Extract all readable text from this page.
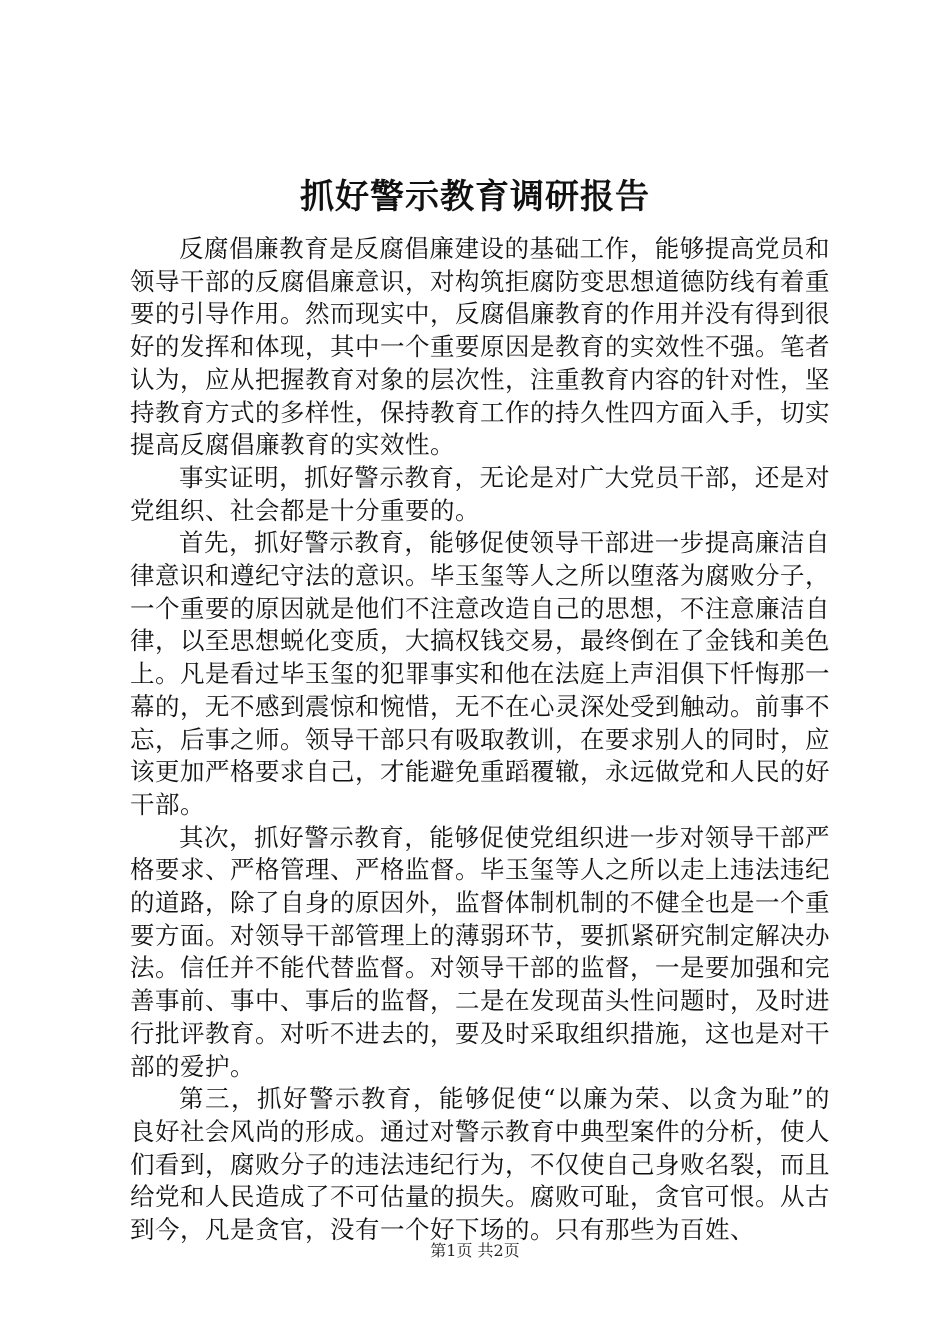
抓好警示教育调研报告

反腐倡廉教育是反腐倡廉建设的基础工作，能够提高党员和领导干部的反腐倡廉意识，对构筑拒腐防变思想道德防线有着重要的引导作用。然而现实中，反腐倡廉教育的作用并没有得到很好的发挥和体现，其中一个重要原因是教育的实效性不强。笔者认为，应从把握教育对象的层次性，注重教育内容的针对性，坚持教育方式的多样性，保持教育工作的持久性四方面入手，切实提高反腐倡廉教育的实效性。

事实证明，抓好警示教育，无论是对广大党员干部，还是对党组织、社会都是十分重要的。

首先，抓好警示教育，能够促使领导干部进一步提高廉洁自律意识和遵纪守法的意识。毕玉玺等人之所以堕落为腐败分子，一个重要的原因就是他们不注意改造自己的思想，不注意廉洁自律，以至思想蜕化变质，大搞权钱交易，最终倒在了金钱和美色上。凡是看过毕玉玺的犯罪事实和他在法庭上声泪俱下忏悔那一幕的，无不感到震惊和惋惜，无不在心灵深处受到触动。前事不忘，后事之师。领导干部只有吸取教训，在要求别人的同时，应该更加严格要求自己，才能避免重蹈覆辙，永远做党和人民的好干部。

其次，抓好警示教育，能够促使党组织进一步对领导干部严格要求、严格管理、严格监督。毕玉玺等人之所以走上违法违纪的道路，除了自身的原因外，监督体制机制的不健全也是一个重要方面。对领导干部管理上的薄弱环节，要抓紧研究制定解决办法。信任并不能代替监督。对领导干部的监督，一是要加强和完善事前、事中、事后的监督，二是在发现苗头性问题时，及时进行批评教育。对听不进去的，要及时采取组织措施，这也是对干部的爱护。

第三，抓好警示教育，能够促使“以廉为荣、以贪为耻”的良好社会风尚的形成。通过对警示教育中典型案件的分析，使人们看到，腐败分子的违法违纪行为，不仅使自己身败名裂，而且给党和人民造成了不可估量的损失。腐败可耻，贪官可恨。从古到今，凡是贪官，没有一个好下场的。只有那些为百姓、

第1页 共2页
